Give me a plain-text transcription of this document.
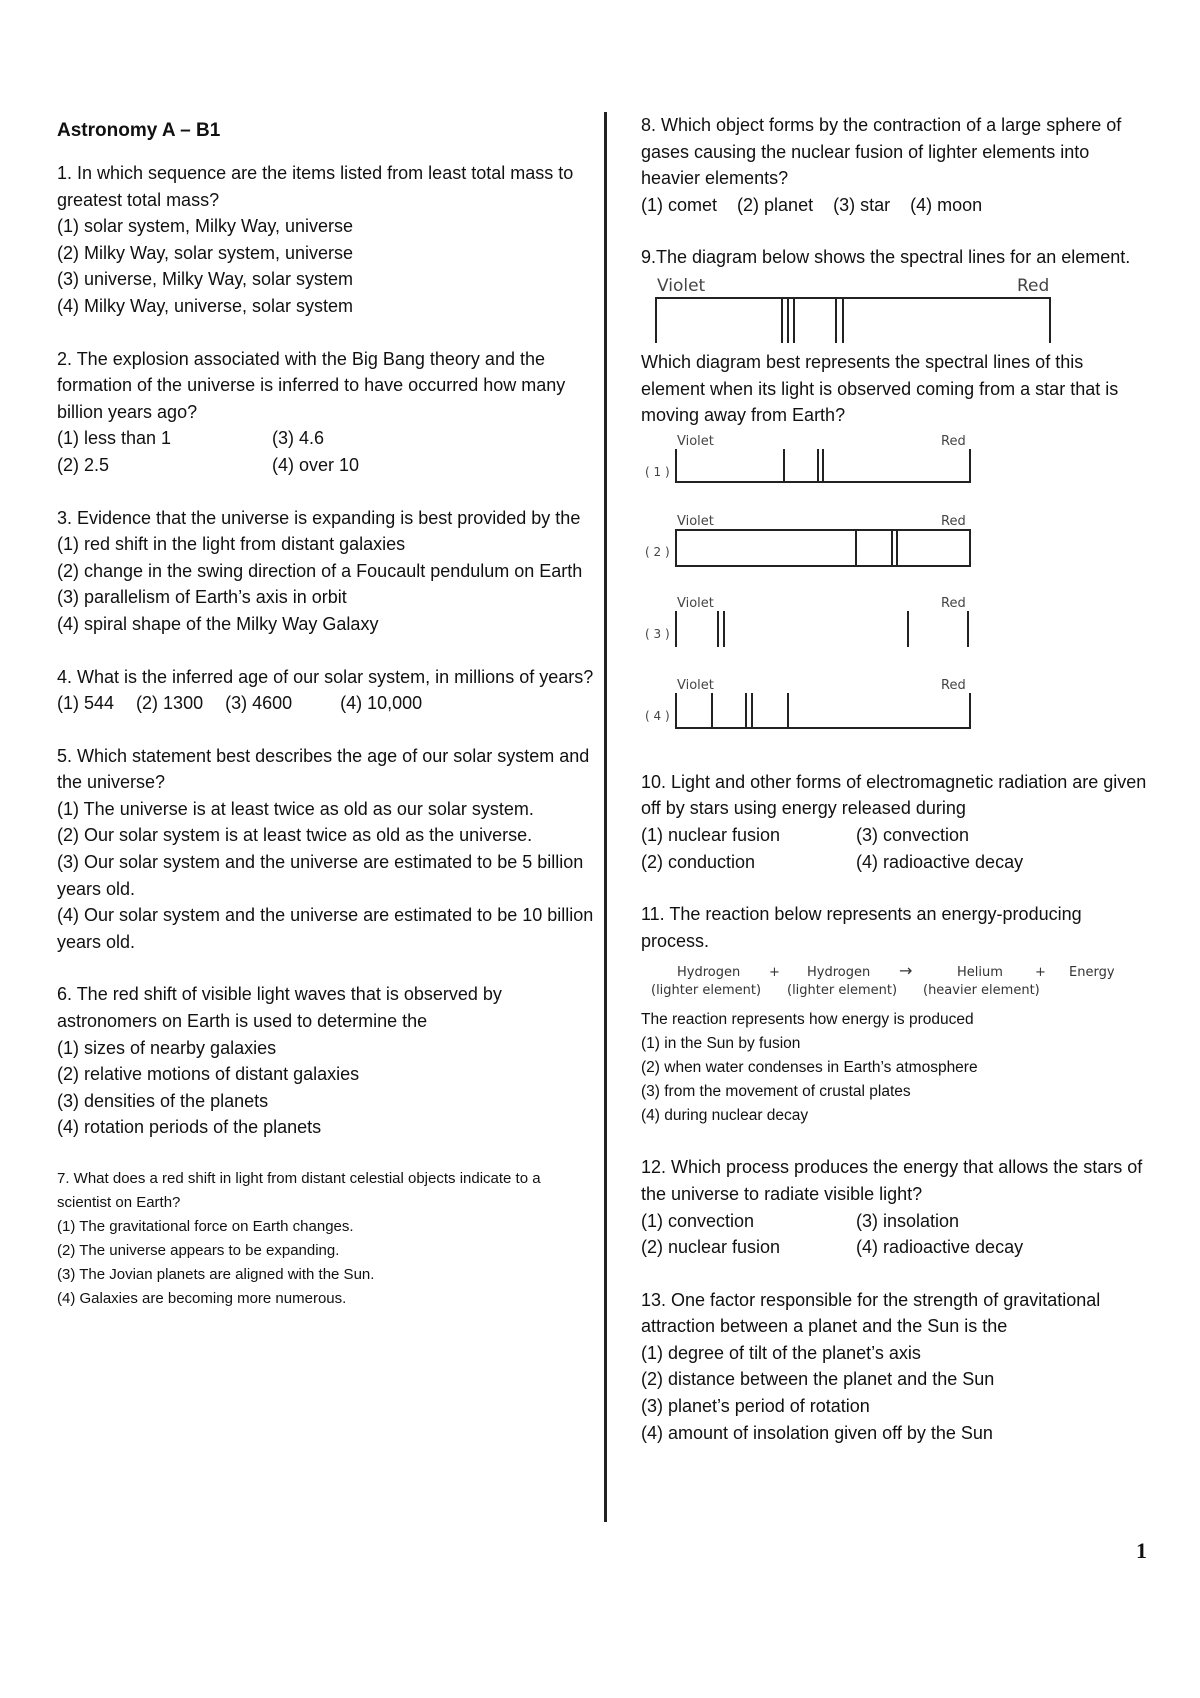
Astronomy A – B1
1. In which sequence are the items listed from least total mass to greatest total mass?
(1) solar system, Milky Way, universe
(2) Milky Way, solar system, universe
(3) universe, Milky Way, solar system
(4) Milky Way, universe, solar system
2. The explosion associated with the Big Bang theory and the formation of the universe is inferred to have occurred how many billion years ago?
(1) less than 1	(3) 4.6
(2) 2.5	(4) over 10
3. Evidence that the universe is expanding is best provided by the
(1) red shift in the light from distant galaxies
(2) change in the swing direction of a Foucault pendulum on Earth
(3) parallelism of Earth’s axis in orbit
(4) spiral shape of the Milky Way Galaxy
4. What is the inferred age of our solar system, in millions of years?
(1) 544 (2) 1300 (3) 4600	(4) 10,000
5. Which statement best describes the age of our solar system and the universe?
(1) The universe is at least twice as old as our solar system.
(2) Our solar system is at least twice as old as the universe.
(3) Our solar system and the universe are estimated to be 5 billion years old.
(4) Our solar system and the universe are estimated to be 10 billion years old.
6. The red shift of visible light waves that is observed by astronomers on Earth is used to determine the
(1) sizes of nearby galaxies
(2) relative motions of distant galaxies
(3) densities of the planets
(4) rotation periods of the planets
7. What does a red shift in light from distant celestial objects indicate to a scientist on Earth?
(1) The gravitational force on Earth changes.
(2) The universe appears to be expanding.
(3) The Jovian planets are aligned with the Sun.
(4) Galaxies are becoming more numerous.
8. Which object forms by the contraction of a large sphere of gases causing the nuclear fusion of lighter elements into heavier elements?
(1) comet (2) planet (3) star (4) moon
9.The diagram below shows the spectral lines for an element.
Violet	Red
Which diagram best represents the spectral lines of this element when its light is observed coming from a star that is moving away from Earth?
( 1 )
Violet	Red
( 2 )
Violet	Red
( 3 )
Violet	Red
( 4 )
Violet	Red
10. Light and other forms of electromagnetic radiation are given off by stars using energy released during
(1) nuclear fusion	(3) convection
(2) conduction	(4) radioactive decay
11. The reaction below represents an energy-producing process.
Hydrogen
(lighter element)
+ Hydrogen
(lighter element)
→	Helium
(heavier element)
+ Energy
The reaction represents how energy is produced
(1) in the Sun by fusion
(2) when water condenses in Earth’s atmosphere
(3) from the movement of crustal plates
(4) during nuclear decay
12. Which process produces the energy that allows the stars of the universe to radiate visible light?
(1) convection	(3) insolation
(2) nuclear fusion	(4) radioactive decay
13. One factor responsible for the strength of gravitational attraction between a planet and the Sun is the
(1) degree of tilt of the planet’s axis
(2) distance between the planet and the Sun
(3) planet’s period of rotation
(4) amount of insolation given off by the Sun
1
